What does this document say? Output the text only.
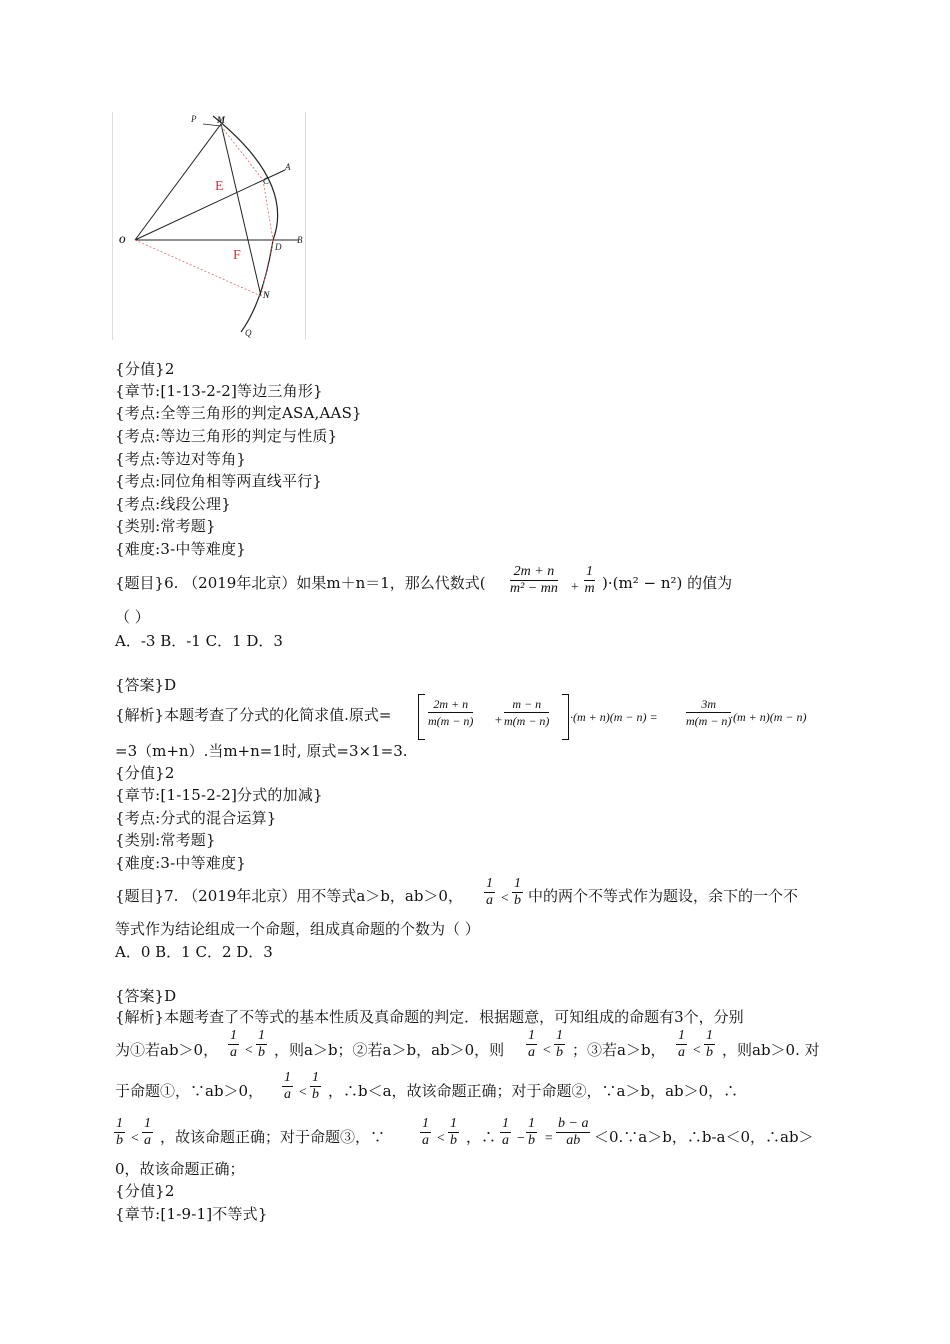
P M
A
C
E
O
D
B
F
N
Q
{分值}2
{章节:[1-13-2-2]等边三角形}
{考点:全等三角形的判定ASA,AAS}
{考点:等边三角形的判定与性质}
{考点:等边对等角}
{考点:同位角相等两直线平行}
{考点:线段公理}
{类别:常考题}
{难度:3-中等难度}
{题目}6. （2019年北京）如果m＋n＝1，那么代数式( $\frac{2m + n}{\text{m² − mn}} + \frac{1}{m} )\cdot(m^2 - n^2)$ 的值为
（ ）
A．-3 B．-1 C．1 D．3
{答案}D
{解析}本题考查了分式的化简求值.原式=	$\frac{2m + n}{m(m - n)} + \frac{m - n}{m(m - n)} \cdot(m + n)(m - n) = \frac{3m}{m(m - n)}$
·(m + n)(m − n)
=3（m+n）.当m+n=1时, 原式=3×1=3.
{分值}2
{章节:[1-15-2-2]分式的加减}
{考点:分式的混合运算}
{类别:常考题}
{难度:3-中等难度}
{题目}7. （2019年北京）用不等式a＞b，ab＞0， $\frac{1}{a} < \frac{1}{b}$ 中的两个不等式作为题设，余下的一个不
等式作为结论组成一个命题，组成真命题的个数为（ ）
A．0 B．1 C．2 D．3
{答案}D
{解析}本题考查了不等式的基本性质及真命题的判定．根据题意，可知组成的命题有3个，分别
为①若ab＞0， $\frac{1}{a} < \frac{1}{b}$ ，则a＞b；②若a＞b，ab＞0，则 $\frac{1}{a} < \frac{1}{b}$ ；③若a＞b， $\frac{1}{a} < \frac{1}{b}$ ，则ab＞0. 对
于命题①，∵ab＞0， $\frac{1}{a} < \frac{1}{b}$ ，∴b＜a，故该命题正确；对于命题②，∵a＞b，ab＞0，∴
$\frac{1}{b} < \frac{1}{a}$ ，故该命题正确；对于命题③，∵ $\frac{1}{a} < \frac{1}{b}$ ，∴ $\frac{1}{a} - \frac{1}{b} = \frac{b - a}{ab}$ ＜0.∵a＞b，∴b-a＜0，∴ab＞
0，故该命题正确；
{分值}2
{章节:[1-9-1]不等式}
